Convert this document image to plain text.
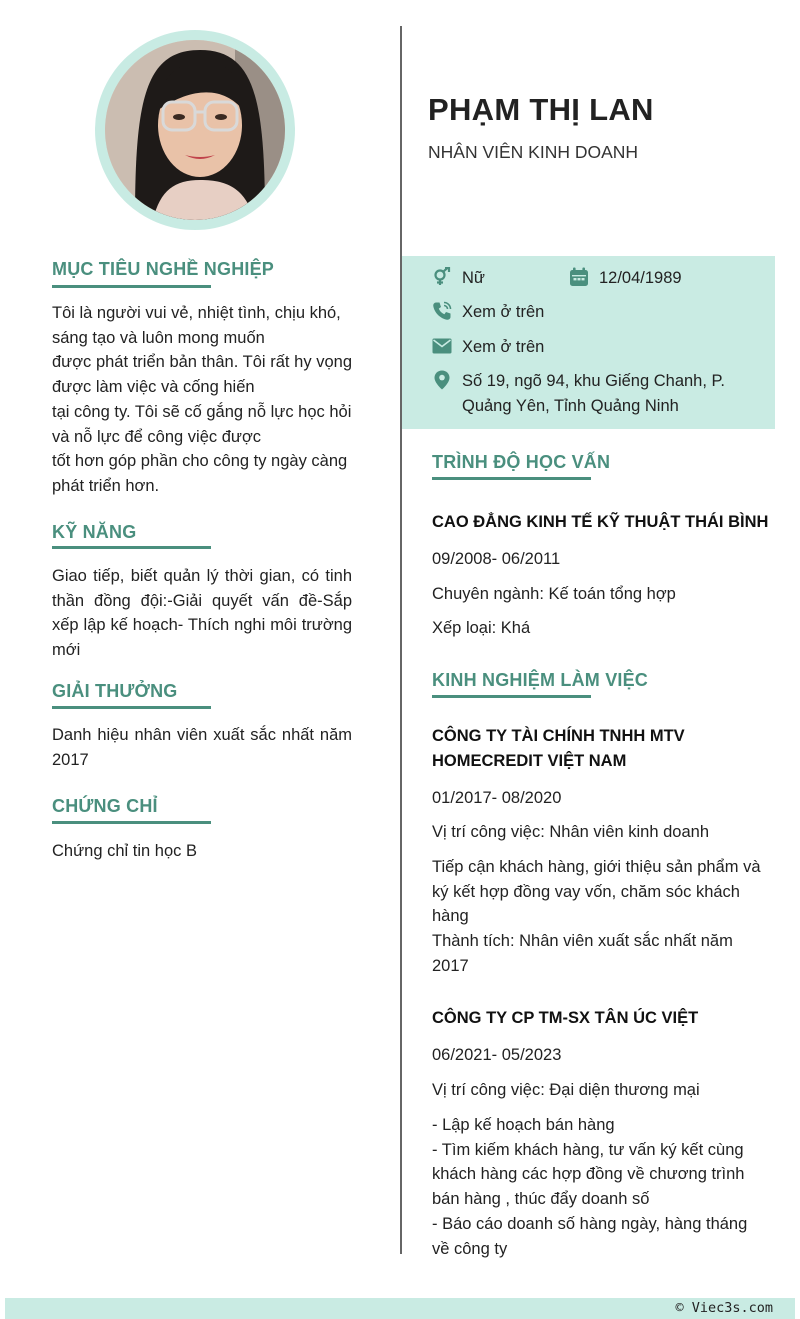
PHẠM THỊ LAN
NHÂN VIÊN KINH DOANH
Nữ	12/04/1989
Xem ở trên
Xem ở trên
Số 19, ngõ 94, khu Giếng Chanh, P. Quảng Yên, Tỉnh Quảng Ninh
MỤC TIÊU NGHỀ NGHIỆP
Tôi là người vui vẻ, nhiệt tình, chịu khó, sáng tạo và luôn mong muốn
được phát triển bản thân. Tôi rất hy vọng được làm việc và cống hiến
tại công ty. Tôi sẽ cố gắng nỗ lực học hỏi và nỗ lực để công việc được
tốt hơn góp phần cho công ty ngày càng phát triển hơn.
KỸ NĂNG

Giao tiếp, biết quản lý thời gian, có tinh thần đồng đội:-Giải quyết vấn đề-Sắp xếp lập kế hoạch- Thích nghi môi trường mới

GIẢI THƯỞNG

Danh hiệu nhân viên xuất sắc nhất năm 2017

CHỨNG CHỈ

Chứng chỉ tin học B

TRÌNH ĐỘ HỌC VẤN
CAO ĐẲNG KINH TẾ KỸ THUẬT THÁI BÌNH
09/2008- 06/2011
Chuyên ngành: Kế toán tổng hợp
Xếp loại: Khá
KINH NGHIỆM LÀM VIỆC
CÔNG TY TÀI CHÍNH TNHH MTV HOMECREDIT VIỆT NAM
01/2017- 08/2020
Vị trí công việc: Nhân viên kinh doanh
Tiếp cận khách hàng, giới thiệu sản phẩm và ký kết hợp đồng vay vốn, chăm sóc khách hàng
Thành tích: Nhân viên xuất sắc nhất năm 2017
CÔNG TY CP TM-SX TÂN ÚC VIỆT
06/2021- 05/2023
Vị trí công việc: Đại diện thương mại
- Lập kế hoạch bán hàng
- Tìm kiếm khách hàng, tư vấn ký kết cùng khách hàng các hợp đồng về chương trình bán hàng , thúc đẩy doanh số
- Báo cáo doanh số hàng ngày, hàng tháng về công ty
© Viec3s.com
